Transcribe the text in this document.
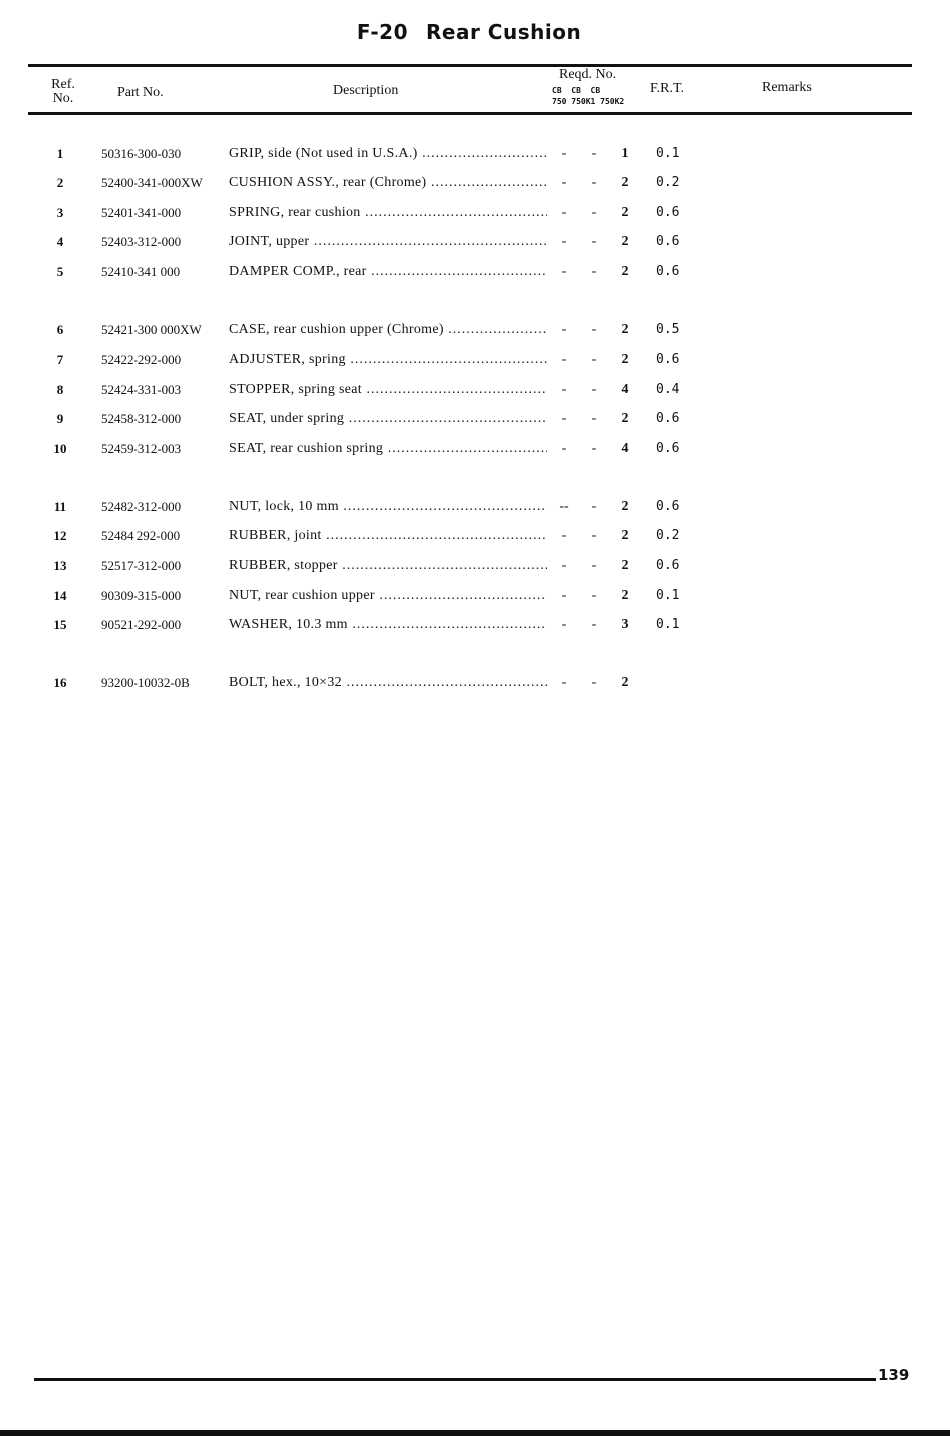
F-20 Rear Cushion
Ref.
No.	Part No.	Description
Reqd. No.
CB  CB  CB
750 750K1 750K2
F.R.T.	Remarks
1	50316-300-030	GRIP, side (Not used in U.S.A.) .....	-	-	1	0.1
2	52400-341-000XW CUSHION ASSY., rear (Chrome) .....	-	-	2	0.2
3	52401-341-000	SPRING, rear cushion .....	-	-	2	0.6
4	52403-312-000	JOINT, upper .....	-	-	2	0.6
5	52410-341 000	DAMPER COMP., rear .....	-	-	2	0.6
6	52421-300 000XW CASE, rear cushion upper (Chrome) .....	-	-	2	0.5
7	52422-292-000	ADJUSTER, spring .....	-	-	2	0.6
8	52424-331-003	STOPPER, spring seat .....	-	-	4	0.4
9	52458-312-000	SEAT, under spring .....	-	-	2	0.6
10	52459-312-003	SEAT, rear cushion spring .....	-	-	4	0.6
11	52482-312-000	NUT, lock, 10 mm .....	--	-	2	0.6
12	52484 292-000	RUBBER, joint .....	-	-	2	0.2
13	52517-312-000	RUBBER, stopper .....	-	-	2	0.6
14	90309-315-000	NUT, rear cushion upper .....	-	-	2	0.1
15	90521-292-000	WASHER, 10.3 mm .....	-	-	3	0.1
16	93200-10032-0B	BOLT, hex., 10×32 .....	-	-	2
139
